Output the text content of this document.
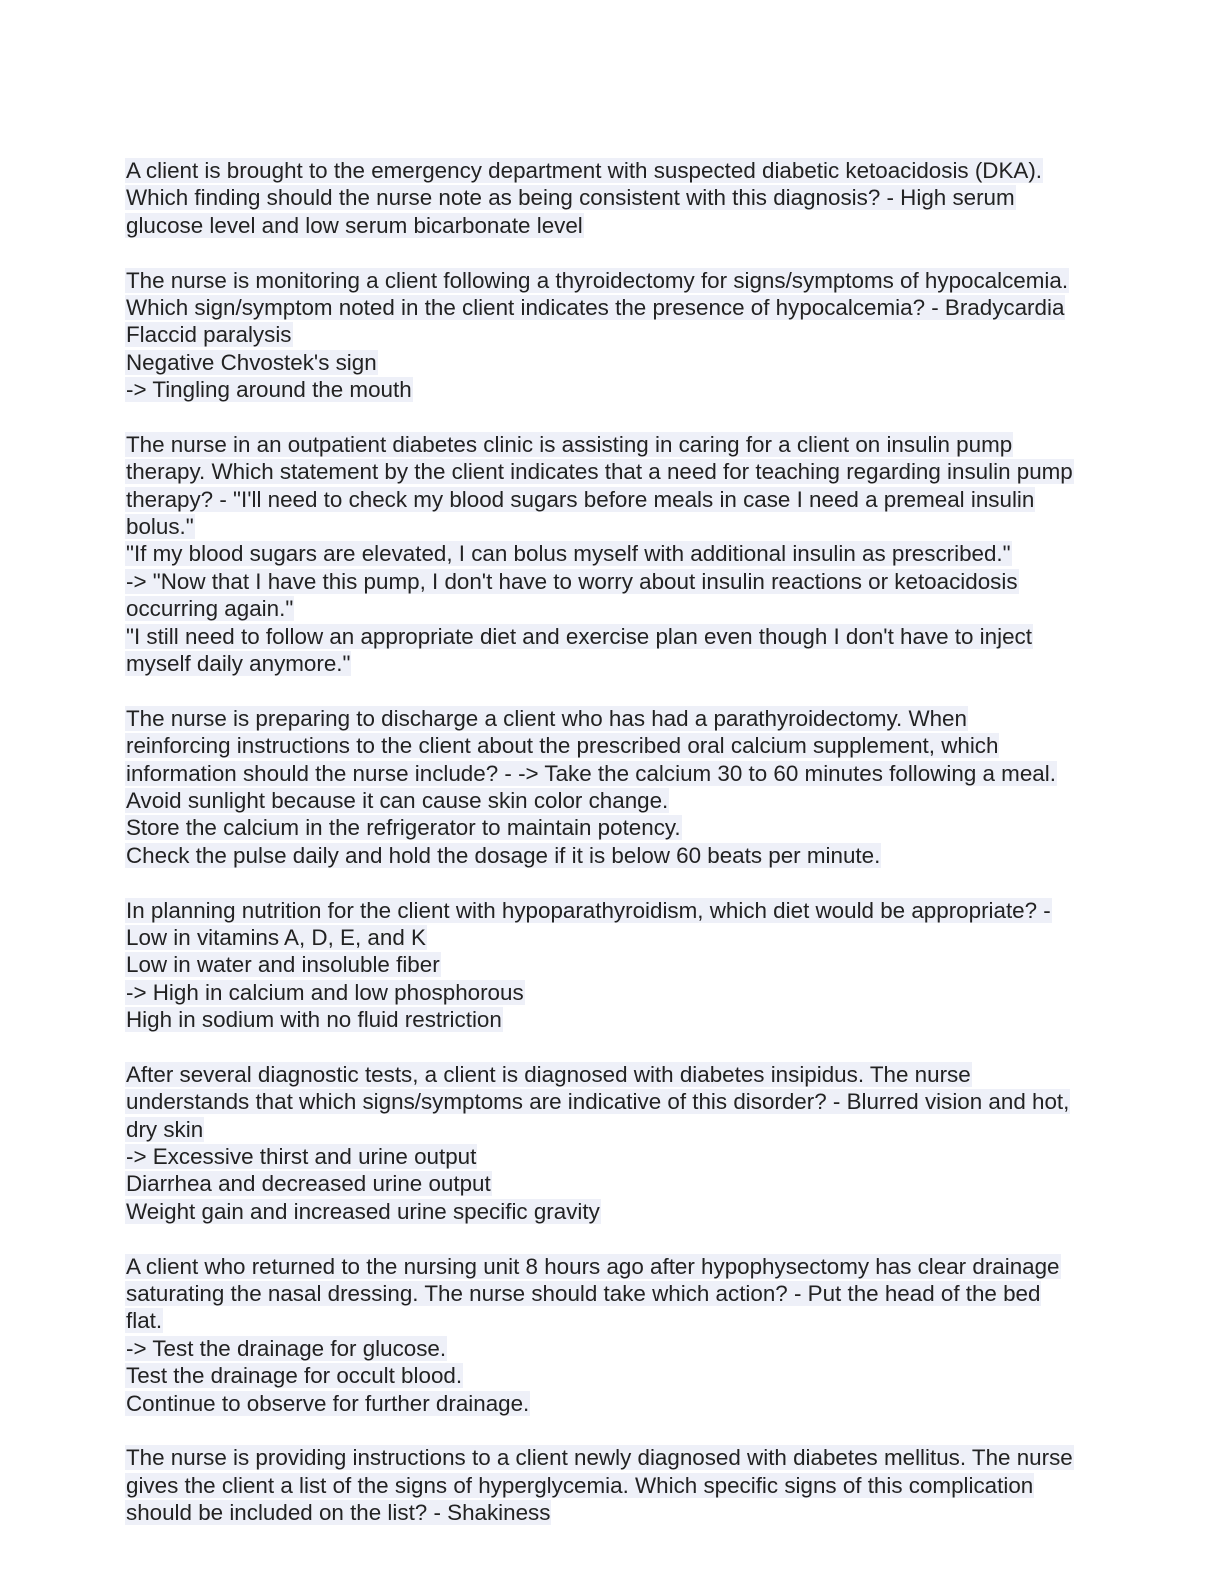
A client is brought to the emergency department with suspected diabetic ketoacidosis (DKA).
Which finding should the nurse note as being consistent with this diagnosis? - High serum
glucose level and low serum bicarbonate level
The nurse is monitoring a client following a thyroidectomy for signs/symptoms of hypocalcemia.
Which sign/symptom noted in the client indicates the presence of hypocalcemia? - Bradycardia
Flaccid paralysis
Negative Chvostek's sign
-> Tingling around the mouth
The nurse in an outpatient diabetes clinic is assisting in caring for a client on insulin pump
therapy. Which statement by the client indicates that a need for teaching regarding insulin pump
therapy? - "I'll need to check my blood sugars before meals in case I need a premeal insulin
bolus."
"If my blood sugars are elevated, I can bolus myself with additional insulin as prescribed."
-> "Now that I have this pump, I don't have to worry about insulin reactions or ketoacidosis
occurring again."
"I still need to follow an appropriate diet and exercise plan even though I don't have to inject
myself daily anymore."
The nurse is preparing to discharge a client who has had a parathyroidectomy. When
reinforcing instructions to the client about the prescribed oral calcium supplement, which
information should the nurse include? - -> Take the calcium 30 to 60 minutes following a meal.
Avoid sunlight because it can cause skin color change.
Store the calcium in the refrigerator to maintain potency.
Check the pulse daily and hold the dosage if it is below 60 beats per minute.
In planning nutrition for the client with hypoparathyroidism, which diet would be appropriate? -
Low in vitamins A, D, E, and K
Low in water and insoluble fiber
-> High in calcium and low phosphorous
High in sodium with no fluid restriction
After several diagnostic tests, a client is diagnosed with diabetes insipidus. The nurse
understands that which signs/symptoms are indicative of this disorder? - Blurred vision and hot,
dry skin
-> Excessive thirst and urine output
Diarrhea and decreased urine output
Weight gain and increased urine specific gravity
A client who returned to the nursing unit 8 hours ago after hypophysectomy has clear drainage
saturating the nasal dressing. The nurse should take which action? - Put the head of the bed
flat.
-> Test the drainage for glucose.
Test the drainage for occult blood.
Continue to observe for further drainage.
The nurse is providing instructions to a client newly diagnosed with diabetes mellitus. The nurse
gives the client a list of the signs of hyperglycemia. Which specific signs of this complication
should be included on the list? - Shakiness
